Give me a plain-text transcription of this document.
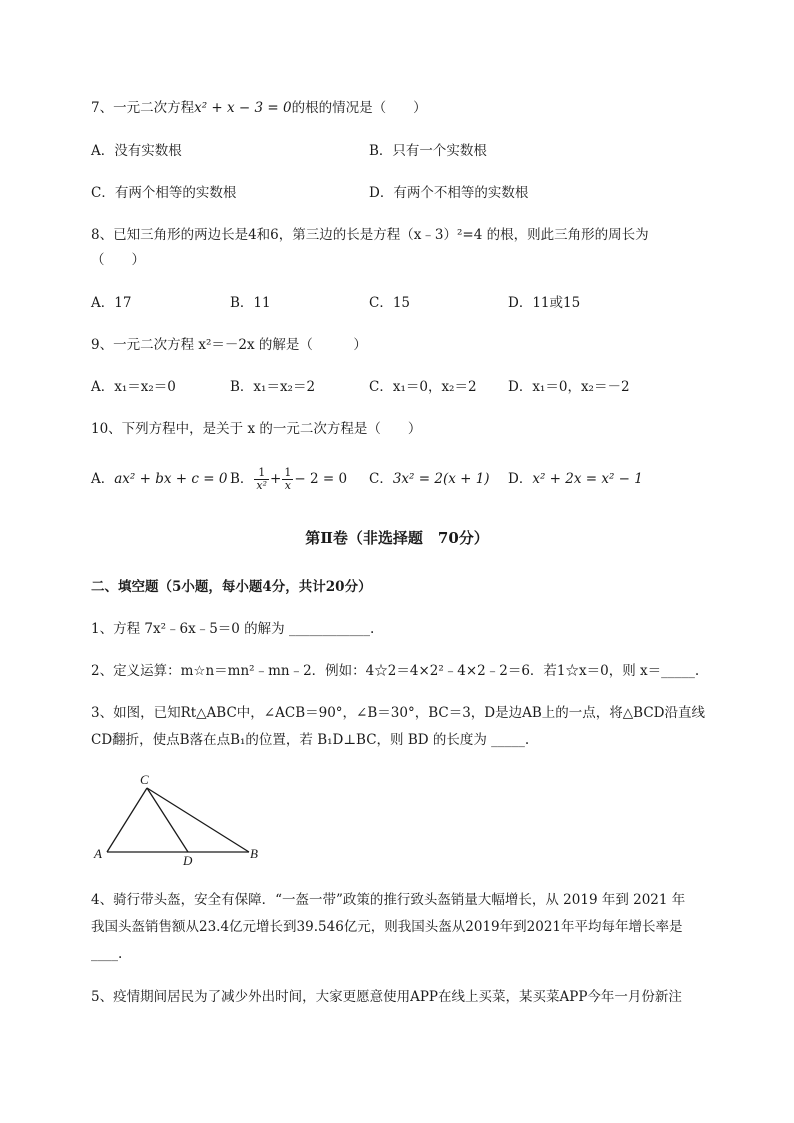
7、一元二次方程x² + x − 3 = 0的根的情况是（　　）
A．没有实数根	B．只有一个实数根
C．有两个相等的实数根	D．有两个不相等的实数根
8、已知三角形的两边长是4和6，第三边的长是方程（x﹣3）²=4 的根，则此三角形的周长为
（　　）
A．17	B．11	C．15	D．11或15
9、一元二次方程 x²＝－2x 的解是（　　　）
A．x₁＝x₂＝0	B．x₁＝x₂＝2	C．x₁＝0，x₂＝2 D．x₁＝0，x₂＝－2
10、下列方程中，是关于 x 的一元二次方程是（　　）
A．ax² + bx + c = 0 B． $\frac{1}{\text{x²}} + \frac{1}{x} - 2 = 0$ C．3x² = 2(x + 1) D．x² + 2x = x² − 1
第Ⅱ卷（非选择题　70分）
二、填空题（5小题，每小题4分，共计20分）
1、方程 7x²﹣6x﹣5＝0 的解为 ____________.
2、定义运算：m☆n＝mn²﹣mn﹣2．例如：4☆2＝4×2²﹣4×2﹣2＝6．若1☆x＝0，则 x＝_____.
3、如图，已知Rt△ABC中，∠ACB＝90°，∠B＝30°，BC＝3，D是边AB上的一点，将△BCD沿直线
CD翻折，使点B落在点B₁的位置，若 B₁D⊥BC，则 BD 的长度为 _____.
C
A	D	B
4、骑行带头盔，安全有保障．“一盔一带”政策的推行致头盔销量大幅增长，从 2019 年到 2021 年
我国头盔销售额从23.4亿元增长到39.546亿元，则我国头盔从2019年到2021年平均每年增长率是
____.
5、疫情期间居民为了减少外出时间，大家更愿意使用APP在线上买菜，某买菜APP今年一月份新注
